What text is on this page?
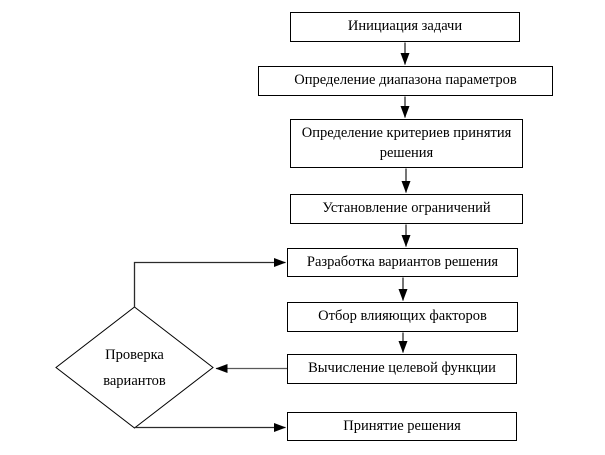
Инициация задачи
Определение диапазона параметров
Определение критериев принятия решения
Установление ограничений
Разработка вариантов решения
Отбор влияющих факторов
Вычисление целевой функции
Принятие решения
Проверка
вариантов
